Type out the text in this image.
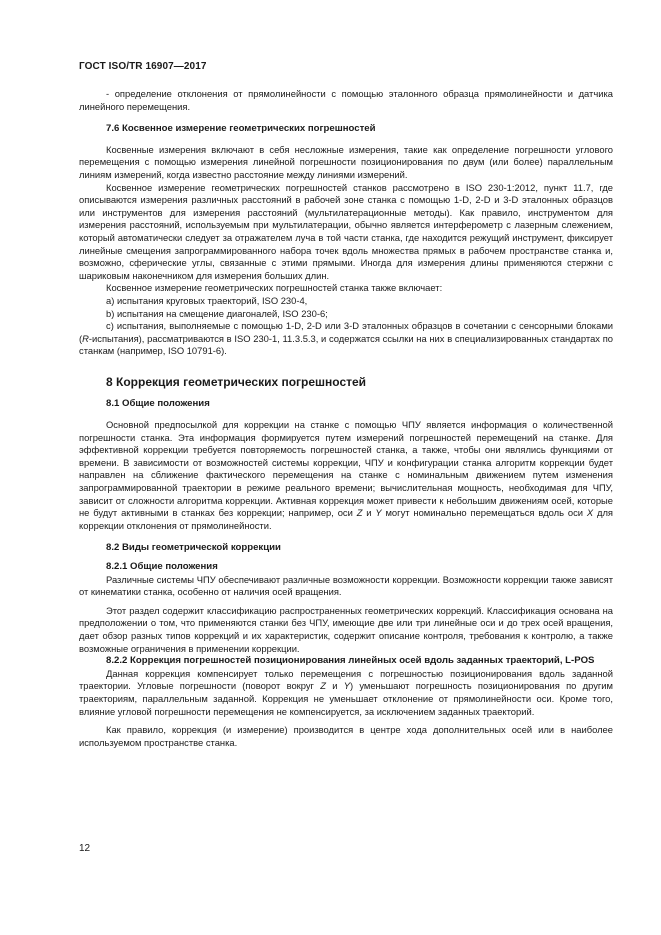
ГОСТ ISO/TR 16907—2017

- определение отклонения от прямолинейности с помощью эталонного образца прямолинейности и датчика линейного перемещения.

7.6 Косвенное измерение геометрических погрешностей

Косвенные измерения включают в себя несложные измерения, такие как определение погрешности углового перемещения с помощью измерения линейной погрешности позиционирования по двум (или более) параллельным линиям измерений, когда известно расстояние между линиями измерений.

Косвенное измерение геометрических погрешностей станков рассмотрено в ISO 230-1:2012, пункт 11.7, где описываются измерения различных расстояний в рабочей зоне станка с помощью 1-D, 2-D и 3-D эталонных образцов или инструментов для измерения расстояний (мультилатерационные методы). Как правило, инструментом для измерения расстояний, используемым при мультилатерации, обычно является интерферометр с лазерным слежением, который автоматически следует за отражателем луча в той части станка, где находится режущий инструмент, фиксирует линейные смещения запрограммированного набора точек вдоль множества прямых в рабочем пространстве станка и, возможно, сферические углы, связанные с этими прямыми. Иногда для измерения длины применяются стержни с шариковым наконечником для измерения больших длин.

Косвенное измерение геометрических погрешностей станка также включает:

a) испытания круговых траекторий, ISO 230-4,

b) испытания на смещение диагоналей, ISO 230-6;

c) испытания, выполняемые с помощью 1-D, 2-D или 3-D эталонных образцов в сочетании с сенсорными блоками (R-испытания), рассматриваются в ISO 230-1, 11.3.5.3, и содержатся ссылки на них в специализированных стандартах по станкам (например, ISO 10791-6).

8 Коррекция геометрических погрешностей
8.1 Общие положения

Основной предпосылкой для коррекции на станке с помощью ЧПУ является информация о количественной погрешности станка. Эта информация формируется путем измерений погрешностей перемещений на станке. Для эффективной коррекции требуется повторяемость погрешностей станка, а также, чтобы они являлись функциями от времени. В зависимости от возможностей системы коррекции, ЧПУ и конфигурации станка алгоритм коррекции будет направлен на сближение фактического перемещения на станке с номинальным движением путем изменения запрограммированной траектории в режиме реального времени; вычислительная мощность, необходимая для ЧПУ, зависит от сложности алгоритма коррекции. Активная коррекция может привести к небольшим движениям осей, которые не будут активными в станках без коррекции; например, оси Z и Y могут номинально перемещаться вдоль оси X для коррекции отклонения от прямолинейности.

8.2 Виды геометрической коррекции
8.2.1 Общие положения

Различные системы ЧПУ обеспечивают различные возможности коррекции. Возможности коррекции также зависят от кинематики станка, особенно от наличия осей вращения.

Этот раздел содержит классификацию распространенных геометрических коррекций. Классификация основана на предположении о том, что применяются станки без ЧПУ, имеющие две или три линейные оси и до трех осей вращения, дает обзор разных типов коррекций и их характеристик, содержит описание контроля, требования к контролю, а также возможные ограничения в применении коррекции.

8.2.2 Коррекция погрешностей позиционирования линейных осей вдоль заданных траекторий, L-POS

Данная коррекция компенсирует только перемещения с погрешностью позиционирования вдоль заданной траектории. Угловые погрешности (поворот вокруг Z и Y) уменьшают погрешность позиционирования по другим траекториям, параллельным заданной. Коррекция не уменьшает отклонение от прямолинейности оси. Кроме того, влияние угловой погрешности перемещения не компенсируется, за исключением заданных траекторий.

Как правило, коррекция (и измерение) производится в центре хода дополнительных осей или в наиболее используемом пространстве станка.

12
